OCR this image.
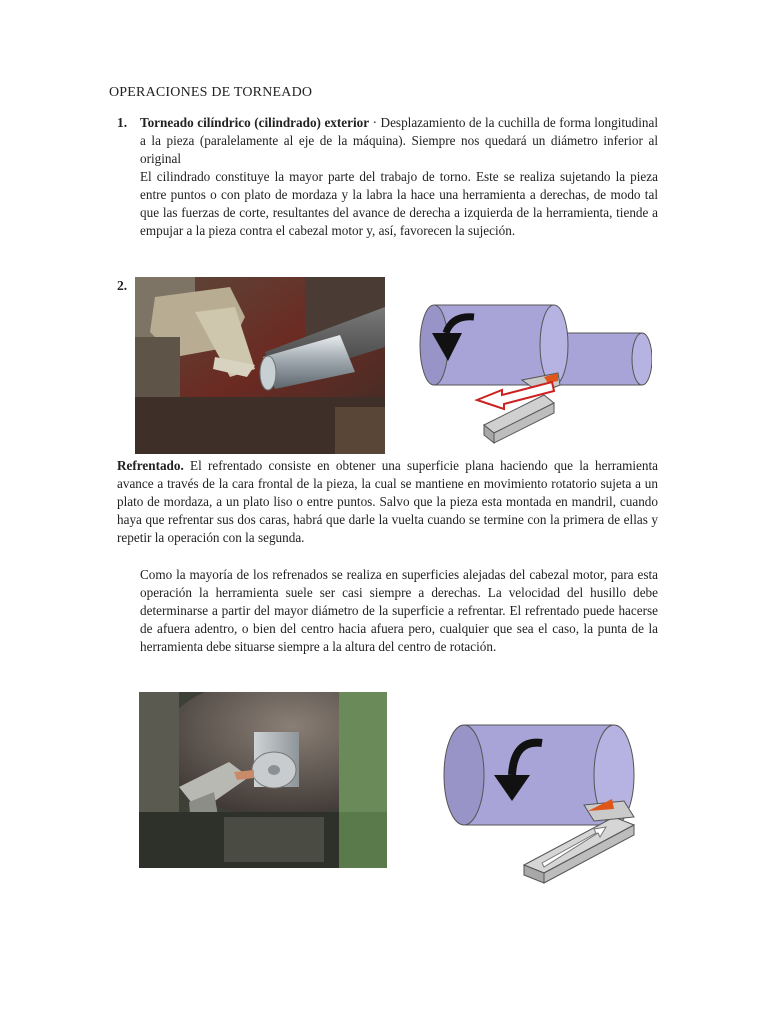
OPERACIONES DE TORNEADO
1. Torneado cilíndrico (cilindrado) exterior · Desplazamiento de la cuchilla de forma longitudinal a la pieza (paralelamente al eje de la máquina). Siempre nos quedará un diámetro inferior al original
El cilindrado constituye la mayor parte del trabajo de torno. Este se realiza sujetando la pieza entre puntos o con plato de mordaza y la labra la hace una herramienta a derechas, de modo tal que las fuerzas de corte, resultantes del avance de derecha a izquierda de la herramienta, tiende a empujar a la pieza contra el cabezal motor y, así, favorecen la sujeción.
2.
Refrentado. El refrentado consiste en obtener una superficie plana haciendo que la herramienta avance a través de la cara frontal de la pieza, la cual se mantiene en movimiento rotatorio sujeta a un plato de mordaza, a un plato liso o entre puntos. Salvo que la pieza esta montada en mandril, cuando haya que refrentar sus dos caras, habrá que darle la vuelta cuando se termine con la primera de ellas y repetir la operación con la segunda.
Como la mayoría de los refrenados se realiza en superficies alejadas del cabezal motor, para esta operación la herramienta suele ser casi siempre a derechas. La velocidad del husillo debe determinarse a partir del mayor diámetro de la superficie a refrentar. El refrentado puede hacerse de afuera adentro, o bien del centro hacia afuera pero, cualquier que sea el caso, la punta de la herramienta debe situarse siempre a la altura del centro de rotación.
